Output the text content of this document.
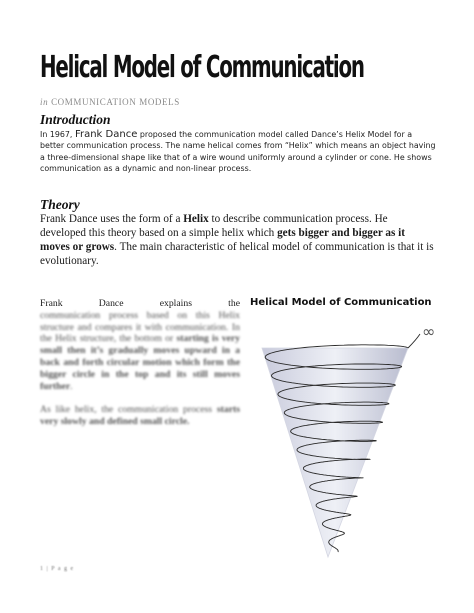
Helical Model of Communication
in COMMUNICATION MODELS
Introduction
In 1967, Frank Dance proposed the communication model called Dance’s Helix Model for a better communication process. The name helical comes from “Helix” which means an object having a three-dimensional shape like that of a wire wound uniformly around a cylinder or cone. He shows communication as a dynamic and non-linear process.
Theory
Frank Dance uses the form of a Helix to describe communication process. He developed this theory based on a simple helix which gets bigger and bigger as it moves or grows. The main characteristic of helical model of communication is that it is evolutionary.

Frank Dance explains the
communication process based on this Helix structure and compares it with communication. In the Helix structure, the bottom or starting is very small then it’s gradually moves upward in a back and forth circular motion which form the bigger circle in the top and its still moves further.

As like helix, the communication process starts very slowly and defined small circle.

Helical Model of Communication
∞
1 | P a g e
